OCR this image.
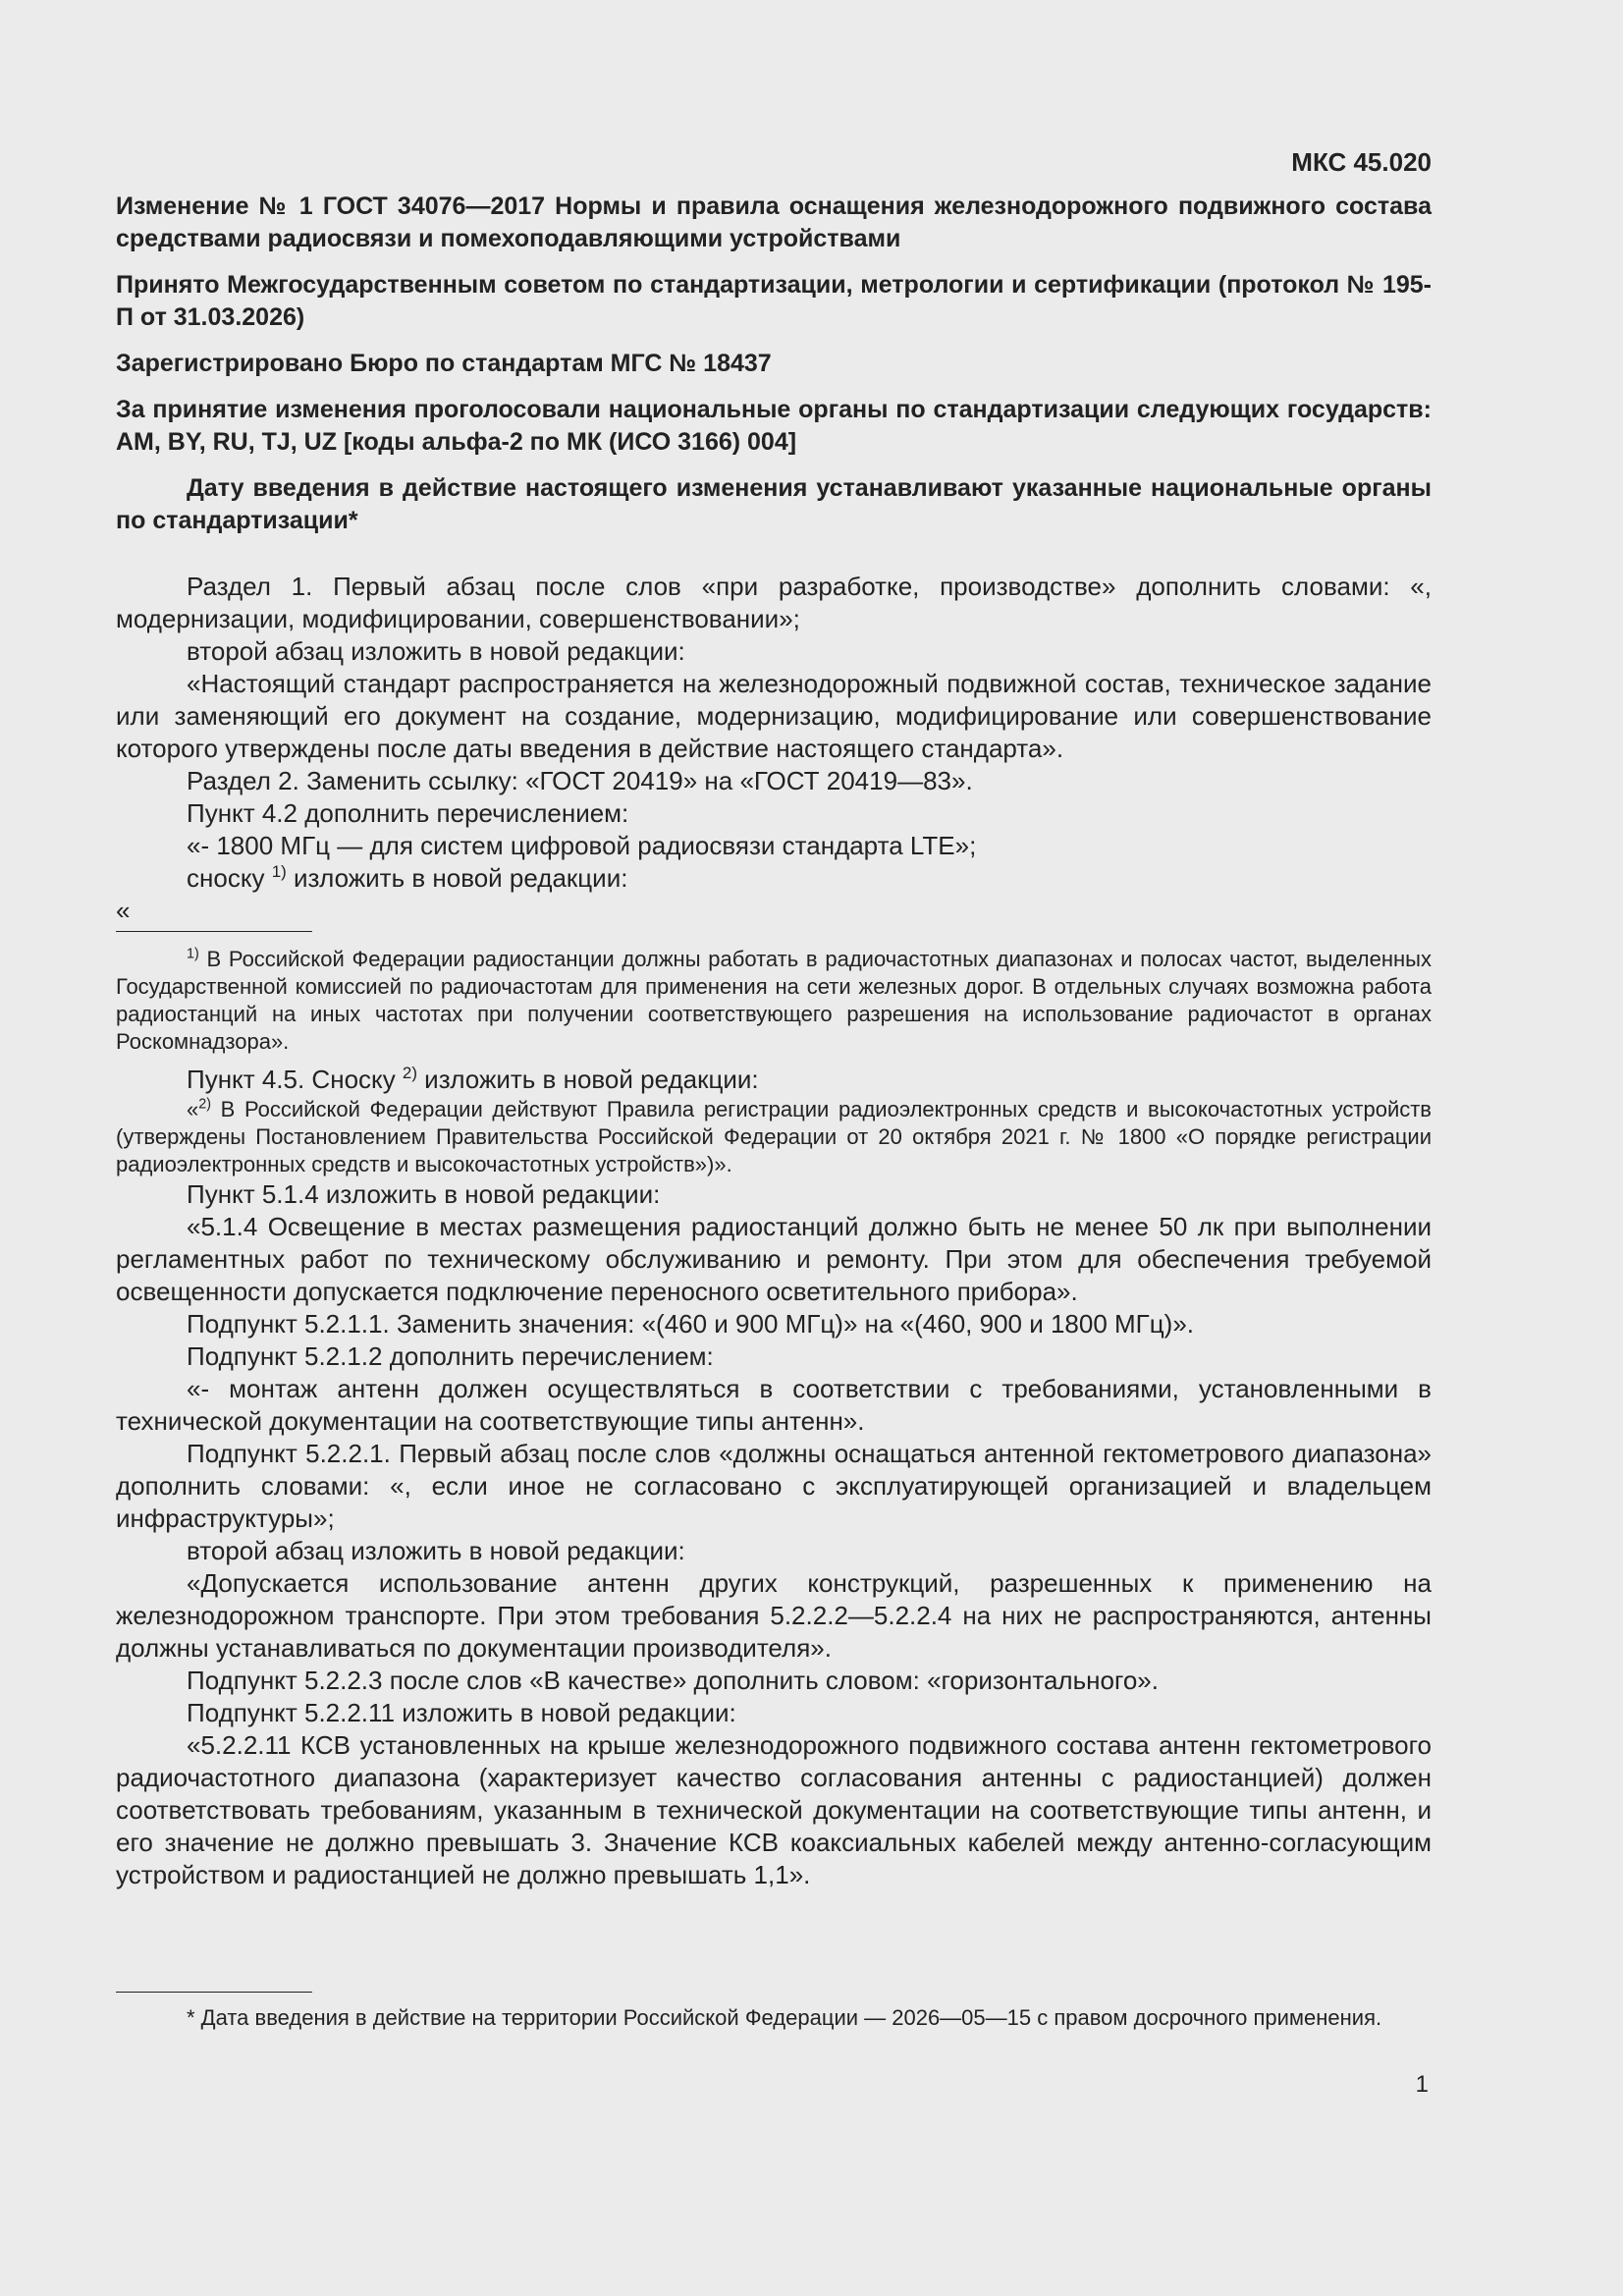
МКС 45.020
Изменение № 1 ГОСТ 34076—2017 Нормы и правила оснащения железнодорожного подвижного состава средствами радиосвязи и помехоподавляющими устройствами
Принято Межгосударственным советом по стандартизации, метрологии и сертификации (протокол № 195-П от 31.03.2026)
Зарегистрировано Бюро по стандартам МГС № 18437
За принятие изменения проголосовали национальные органы по стандартизации следующих государств: AM, BY, RU, TJ, UZ [коды альфа-2 по МК (ИСО 3166) 004]
Дату введения в действие настоящего изменения устанавливают указанные национальные органы по стандартизации*

Раздел 1. Первый абзац после слов «при разработке, производстве» дополнить словами: «, модернизации, модифицировании, совершенствовании»;

второй абзац изложить в новой редакции:

«Настоящий стандарт распространяется на железнодорожный подвижной состав, техническое задание или заменяющий его документ на создание, модернизацию, модифицирование или совершенствование которого утверждены после даты введения в действие настоящего стандарта».

Раздел 2. Заменить ссылку: «ГОСТ 20419» на «ГОСТ 20419—83».

Пункт 4.2 дополнить перечислением:

«- 1800 МГц — для систем цифровой радиосвязи стандарта LTE»;

сноску $^{1)}$ изложить в новой редакции:

«

$^{1)}$ В Российской Федерации радиостанции должны работать в радиочастотных диапазонах и полосах частот, выделенных Государственной комиссией по радиочастотам для применения на сети железных дорог. В отдельных случаях возможна работа радиостанций на иных частотах при получении соответствующего разрешения на использование радиочастот в органах Роскомнадзора».

Пункт 4.5. Сноску $^{2)}$ изложить в новой редакции:

«$^{2)}$ В Российской Федерации действуют Правила регистрации радиоэлектронных средств и высокочастотных устройств (утверждены Постановлением Правительства Российской Федерации от 20 октября 2021 г. № 1800 «О порядке регистрации радиоэлектронных средств и высокочастотных устройств»)».

Пункт 5.1.4 изложить в новой редакции:

«5.1.4 Освещение в местах размещения радиостанций должно быть не менее 50 лк при выполнении регламентных работ по техническому обслуживанию и ремонту. При этом для обеспечения требуемой освещенности допускается подключение переносного осветительного прибора».

Подпункт 5.2.1.1. Заменить значения: «(460 и 900 МГц)» на «(460, 900 и 1800 МГц)».

Подпункт 5.2.1.2 дополнить перечислением:

«- монтаж антенн должен осуществляться в соответствии с требованиями, установленными в технической документации на соответствующие типы антенн».

Подпункт 5.2.2.1. Первый абзац после слов «должны оснащаться антенной гектометрового диапазона» дополнить словами: «, если иное не согласовано с эксплуатирующей организацией и владельцем инфраструктуры»;

второй абзац изложить в новой редакции:

«Допускается использование антенн других конструкций, разрешенных к применению на железнодорожном транспорте. При этом требования 5.2.2.2—5.2.2.4 на них не распространяются, антенны должны устанавливаться по документации производителя».

Подпункт 5.2.2.3 после слов «В качестве» дополнить словом: «горизонтального».

Подпункт 5.2.2.11 изложить в новой редакции:

«5.2.2.11 КСВ установленных на крыше железнодорожного подвижного состава антенн гектометрового радиочастотного диапазона (характеризует качество согласования антенны с радиостанцией) должен соответствовать требованиям, указанным в технической документации на соответствующие типы антенн, и его значение не должно превышать 3. Значение КСВ коаксиальных кабелей между антенно-согласующим устройством и радиостанцией не должно превышать 1,1».

* Дата введения в действие на территории Российской Федерации — 2026—05—15 с правом досрочного применения.

1
